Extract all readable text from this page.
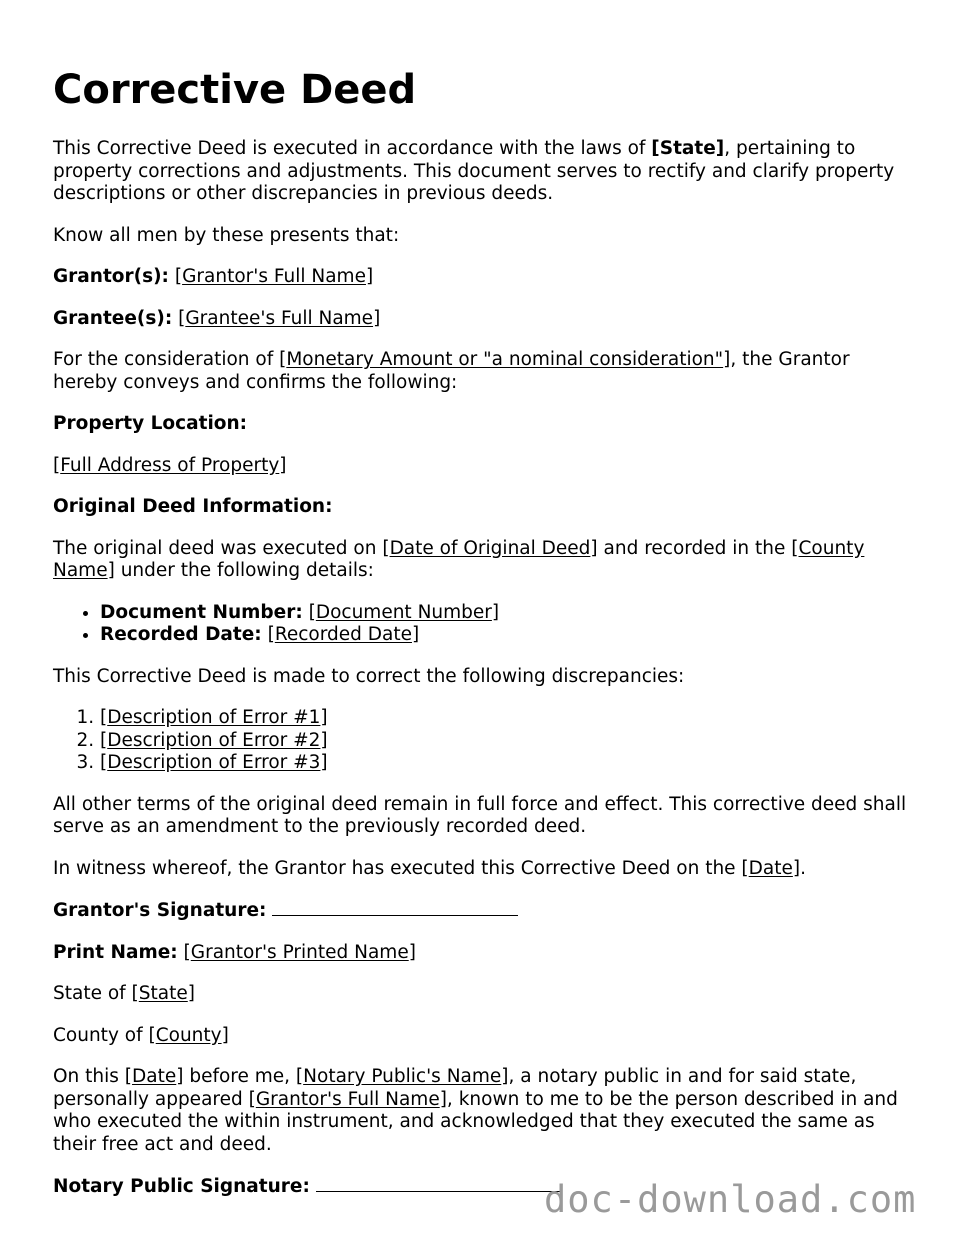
Corrective Deed

This Corrective Deed is executed in accordance with the laws of [State], pertaining to property corrections and adjustments. This document serves to rectify and clarify property descriptions or other discrepancies in previous deeds.

Know all men by these presents that:

Grantor(s): [Grantor's Full Name]

Grantee(s): [Grantee's Full Name]

For the consideration of [Monetary Amount or "a nominal consideration"], the Grantor hereby conveys and confirms the following:

Property Location:

[Full Address of Property]

Original Deed Information:

The original deed was executed on [Date of Original Deed] and recorded in the [County Name] under the following details:

• Document Number: [Document Number]
• Recorded Date: [Recorded Date]

This Corrective Deed is made to correct the following discrepancies:

1. [Description of Error #1]
2. [Description of Error #2]
3. [Description of Error #3]

All other terms of the original deed remain in full force and effect. This corrective deed shall serve as an amendment to the previously recorded deed.

In witness whereof, the Grantor has executed this Corrective Deed on the [Date].

Grantor's Signature:

Print Name: [Grantor's Printed Name]

State of [State]

County of [County]

On this [Date] before me, [Notary Public's Name], a notary public in and for said state, personally appeared [Grantor's Full Name], known to me to be the person described in and who executed the within instrument, and acknowledged that they executed the same as their free act and deed.

Notary Public Signature:	doc-download.com
